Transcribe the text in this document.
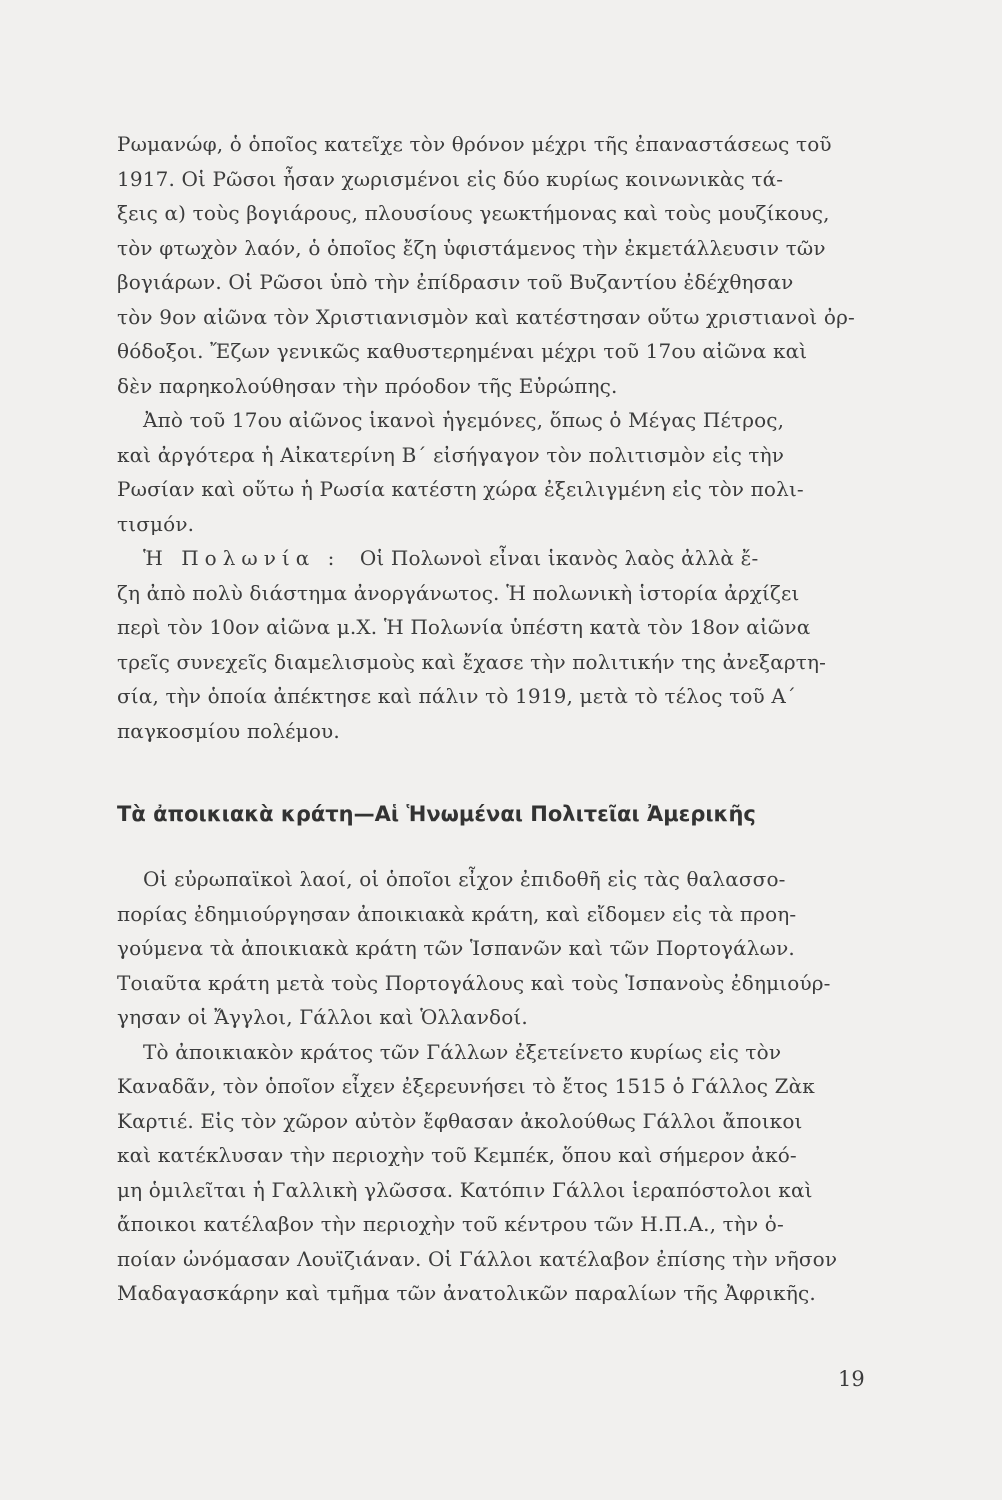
Ρωμανώφ, ὁ ὁποῖος κατεῖχε τὸν θρόνον μέχρι τῆς ἐπαναστάσεως τοῦ
1917. Οἱ Ρῶσοι ἦσαν χωρισμένοι εἰς δύο κυρίως κοινωνικὰς τά-
ξεις α) τοὺς βογιάρους, πλουσίους γεωκτήμονας καὶ τοὺς μουζίκους,
τὸν φτωχὸν λαόν, ὁ ὁποῖος ἔζη ὑφιστάμενος τὴν ἐκμετάλλευσιν τῶν
βογιάρων. Οἱ Ρῶσοι ὑπὸ τὴν ἐπίδρασιν τοῦ Βυζαντίου ἐδέχθησαν
τὸν 9ον αἰῶνα τὸν Χριστιανισμὸν καὶ κατέστησαν οὕτω χριστιανοὶ ὀρ-
θόδοξοι. Ἔζων γενικῶς καθυστερημέναι μέχρι τοῦ 17ου αἰῶνα καὶ
δὲν παρηκολούθησαν τὴν πρόοδον τῆς Εὐρώπης.
Ἀπὸ τοῦ 17ου αἰῶνος ἱκανοὶ ἡγεμόνες, ὅπως ὁ Μέγας Πέτρος,
καὶ ἀργότερα ἡ Αἰκατερίνη Β΄ εἰσήγαγον τὸν πολιτισμὸν εἰς τὴν
Ρωσίαν καὶ οὕτω ἡ Ρωσία κατέστη χώρα ἐξειλιγμένη εἰς τὸν πολι-
τισμόν.
Ἡ Πολωνία : Οἱ Πολωνοὶ εἶναι ἱκανὸς λαὸς ἀλλὰ ἔ-
ζη ἀπὸ πολὺ διάστημα ἀνοργάνωτος. Ἡ πολωνικὴ ἱστορία ἀρχίζει
περὶ τὸν 10ον αἰῶνα μ.Χ. Ἡ Πολωνία ὑπέστη κατὰ τὸν 18ον αἰῶνα
τρεῖς συνεχεῖς διαμελισμοὺς καὶ ἔχασε τὴν πολιτικήν της ἀνεξαρτη-
σία, τὴν ὁποία ἀπέκτησε καὶ πάλιν τὸ 1919, μετὰ τὸ τέλος τοῦ Α΄
παγκοσμίου πολέμου.
Τὰ ἀποικιακὰ κράτη—Αἱ Ἡνωμέναι Πολιτεῖαι Ἀμερικῆς
Οἱ εὐρωπαϊκοὶ λαοί, οἱ ὁποῖοι εἶχον ἐπιδοθῆ εἰς τὰς θαλασσο-
πορίας ἐδημιούργησαν ἀποικιακὰ κράτη, καὶ εἴδομεν εἰς τὰ προη-
γούμενα τὰ ἀποικιακὰ κράτη τῶν Ἱσπανῶν καὶ τῶν Πορτογάλων.
Τοιαῦτα κράτη μετὰ τοὺς Πορτογάλους καὶ τοὺς Ἱσπανοὺς ἐδημιούρ-
γησαν οἱ Ἄγγλοι, Γάλλοι καὶ Ὁλλανδοί.
Τὸ ἀποικιακὸν κράτος τῶν Γάλλων ἐξετείνετο κυρίως εἰς τὸν
Καναδᾶν, τὸν ὁποῖον εἶχεν ἐξερευνήσει τὸ ἔτος 1515 ὁ Γάλλος Ζὰκ
Καρτιέ. Εἰς τὸν χῶρον αὐτὸν ἔφθασαν ἀκολούθως Γάλλοι ἄποικοι
καὶ κατέκλυσαν τὴν περιοχὴν τοῦ Κεμπέκ, ὅπου καὶ σήμερον ἀκό-
μη ὁμιλεῖται ἡ Γαλλικὴ γλῶσσα. Κατόπιν Γάλλοι ἱεραπόστολοι καὶ
ἄποικοι κατέλαβον τὴν περιοχὴν τοῦ κέντρου τῶν Η.Π.Α., τὴν ὁ-
ποίαν ὠνόμασαν Λουϊζιάναν. Οἱ Γάλλοι κατέλαβον ἐπίσης τὴν νῆσον
Μαδαγασκάρην καὶ τμῆμα τῶν ἀνατολικῶν παραλίων τῆς Ἀφρικῆς.
19
